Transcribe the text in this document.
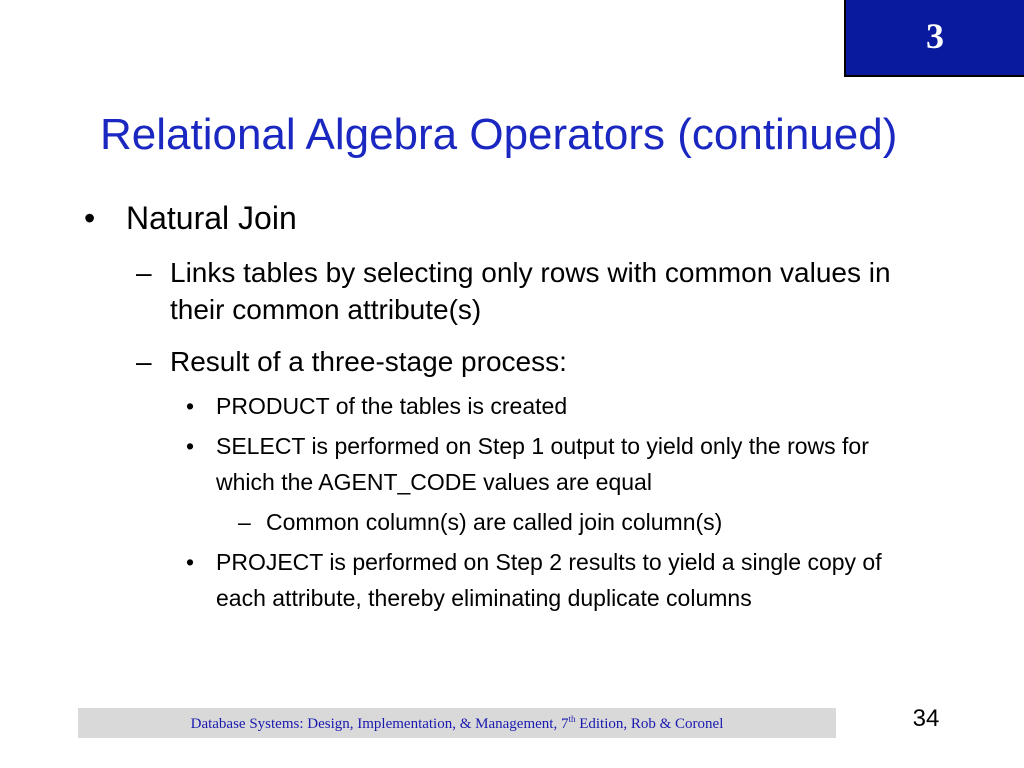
3
Relational Algebra Operators (continued)
• Natural Join
– Links tables by selecting only rows with common values in their common attribute(s)
– Result of a three-stage process:
• PRODUCT of the tables is created
• SELECT is performed on Step 1 output to yield only the rows for which the AGENT_CODE values are equal
– Common column(s) are called join column(s)
• PROJECT is performed on Step 2 results to yield a single copy of each attribute, thereby eliminating duplicate columns
Database Systems: Design, Implementation, & Management, 7th Edition, Rob & Coronel	34
